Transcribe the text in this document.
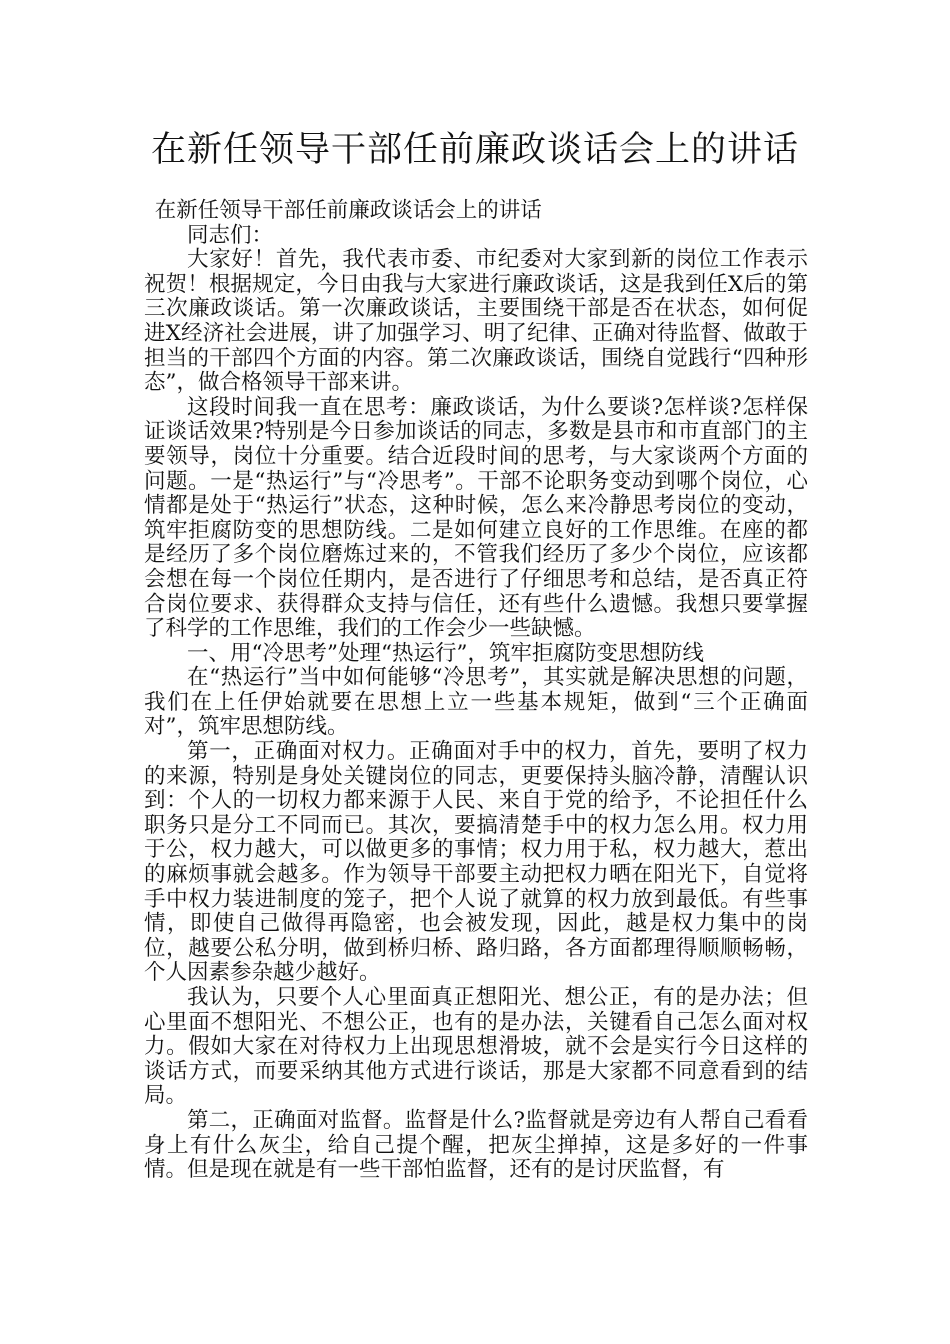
在新任领导干部任前廉政谈话会上的讲话

在新任领导干部任前廉政谈话会上的讲话

同志们：

大家好！首先，我代表市委、市纪委对大家到新的岗位工作表示祝贺！根据规定，今日由我与大家进行廉政谈话，这是我到任X后的第三次廉政谈话。第一次廉政谈话，主要围绕干部是否在状态，如何促进X经济社会进展，讲了加强学习、明了纪律、正确对待监督、做敢于担当的干部四个方面的内容。第二次廉政谈话，围绕自觉践行“四种形态”，做合格领导干部来讲。

这段时间我一直在思考：廉政谈话，为什么要谈?怎样谈?怎样保证谈话效果?特别是今日参加谈话的同志，多数是县市和市直部门的主要领导，岗位十分重要。结合近段时间的思考，与大家谈两个方面的问题。一是“热运行”与“冷思考”。干部不论职务变动到哪个岗位，心情都是处于“热运行”状态，这种时候，怎么来冷静思考岗位的变动，筑牢拒腐防变的思想防线。二是如何建立良好的工作思维。在座的都是经历了多个岗位磨炼过来的，不管我们经历了多少个岗位，应该都会想在每一个岗位任期内，是否进行了仔细思考和总结，是否真正符合岗位要求、获得群众支持与信任，还有些什么遗憾。我想只要掌握了科学的工作思维，我们的工作会少一些缺憾。

一、用“冷思考”处理“热运行”，筑牢拒腐防变思想防线

在“热运行”当中如何能够“冷思考”，其实就是解决思想的问题，我们在上任伊始就要在思想上立一些基本规矩，做到“三个正确面对”，筑牢思想防线。

第一，正确面对权力。正确面对手中的权力，首先，要明了权力的来源，特别是身处关键岗位的同志，更要保持头脑冷静，清醒认识到：个人的一切权力都来源于人民、来自于党的给予，不论担任什么职务只是分工不同而已。其次，要搞清楚手中的权力怎么用。权力用于公，权力越大，可以做更多的事情；权力用于私，权力越大，惹出的麻烦事就会越多。作为领导干部要主动把权力晒在阳光下，自觉将手中权力装进制度的笼子，把个人说了就算的权力放到最低。有些事情，即使自己做得再隐密，也会被发现，因此，越是权力集中的岗位，越要公私分明，做到桥归桥、路归路，各方面都理得顺顺畅畅，个人因素参杂越少越好。

我认为，只要个人心里面真正想阳光、想公正，有的是办法；但心里面不想阳光、不想公正，也有的是办法，关键看自己怎么面对权力。假如大家在对待权力上出现思想滑坡，就不会是实行今日这样的谈话方式，而要采纳其他方式进行谈话，那是大家都不同意看到的结局。

第二，正确面对监督。监督是什么?监督就是旁边有人帮自己看看身上有什么灰尘，给自己提个醒，把灰尘掸掉，这是多好的一件事情。但是现在就是有一些干部怕监督，还有的是讨厌监督，有
